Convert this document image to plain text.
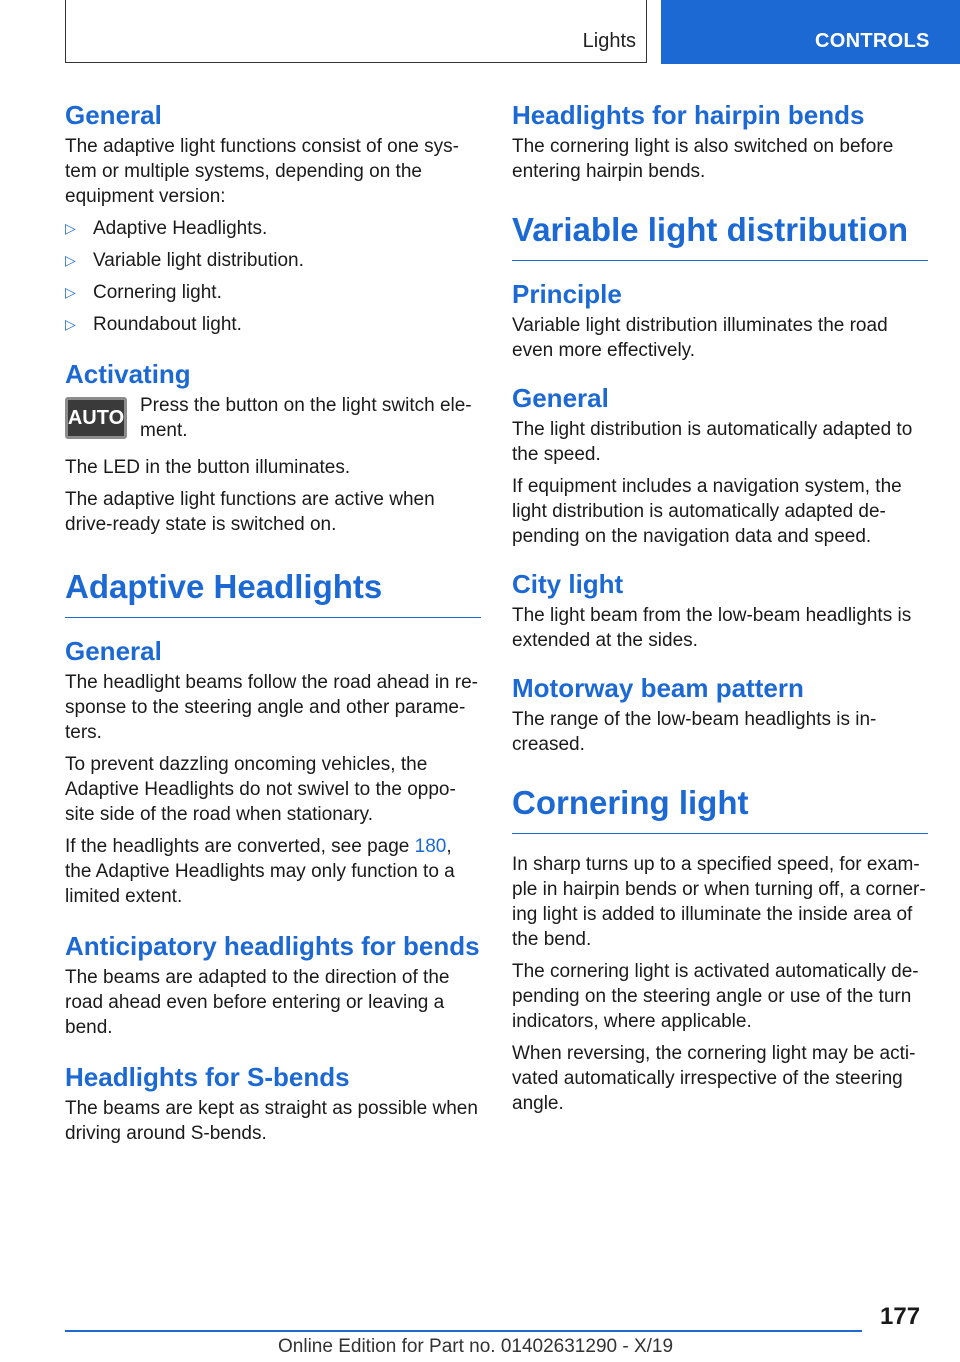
Lights	CONTROLS
General

The adaptive light functions consist of one sys-tem or multiple systems, depending on the equipment version:

▷ Adaptive Headlights.
▷ Variable light distribution.
▷ Cornering light.
▷ Roundabout light.
Activating
AUTO
Press the button on the light switch ele-ment.

The LED in the button illuminates.

The adaptive light functions are active when drive-ready state is switched on.

Adaptive Headlights
General

The headlight beams follow the road ahead in re-sponse to the steering angle and other parame-ters.

To prevent dazzling oncoming vehicles, the Adaptive Headlights do not swivel to the oppo-site side of the road when stationary.

If the headlights are converted, see page 180, the Adaptive Headlights may only function to a limited extent.

Anticipatory headlights for bends

The beams are adapted to the direction of the road ahead even before entering or leaving a bend.

Headlights for S-bends

The beams are kept as straight as possible when driving around S-bends.

Headlights for hairpin bends

The cornering light is also switched on before entering hairpin bends.

Variable light distribution
Principle

Variable light distribution illuminates the road even more effectively.

General

The light distribution is automatically adapted to the speed.

If equipment includes a navigation system, the light distribution is automatically adapted de-pending on the navigation data and speed.

City light

The light beam from the low-beam headlights is extended at the sides.

Motorway beam pattern

The range of the low-beam headlights is in-creased.

Cornering light

In sharp turns up to a specified speed, for exam-ple in hairpin bends or when turning off, a corner-ing light is added to illuminate the inside area of the bend.

The cornering light is activated automatically de-pending on the steering angle or use of the turn indicators, where applicable.

When reversing, the cornering light may be acti-vated automatically irrespective of the steering angle.

177
Online Edition for Part no. 01402631290 - X/19
